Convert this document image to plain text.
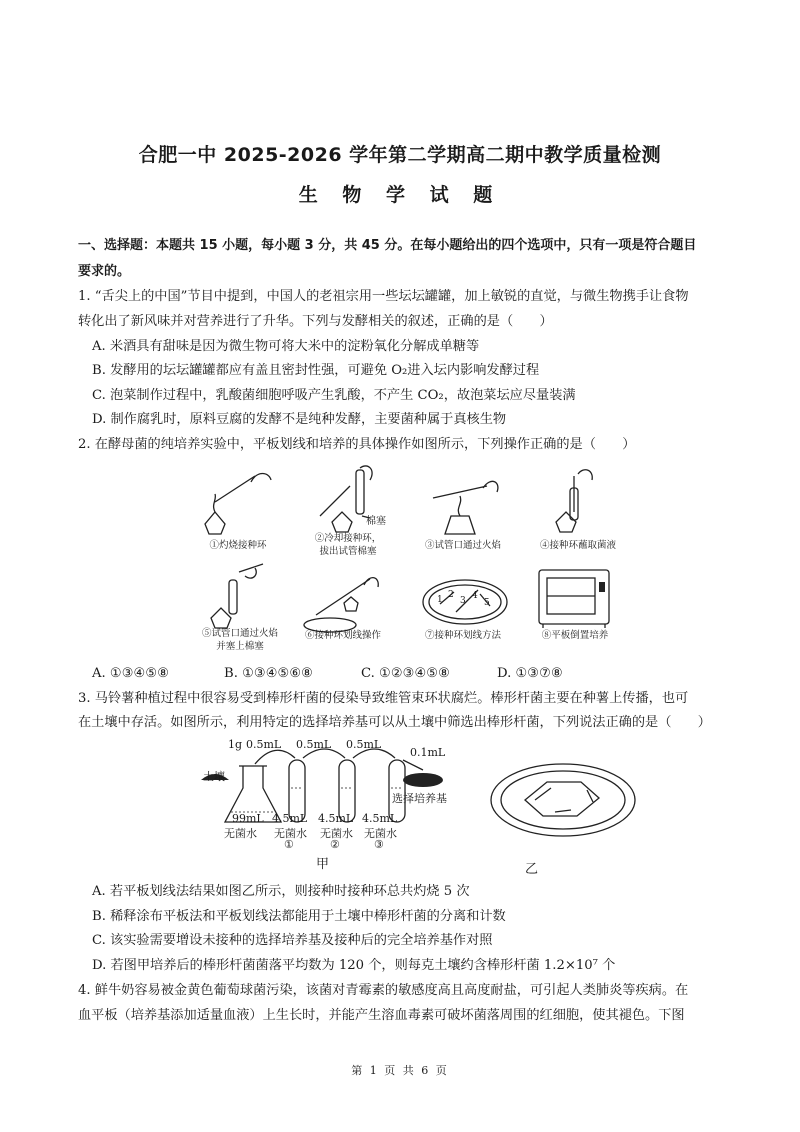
合肥一中 2025-2026 学年第二学期高二期中教学质量检测
生 物 学 试 题
一、选择题：本题共 15 小题，每小题 3 分，共 45 分。在每小题给出的四个选项中，只有一项是符合题目
要求的。
1. “舌尖上的中国”节目中提到，中国人的老祖宗用一些坛坛罐罐，加上敏锐的直觉，与微生物携手让食物
转化出了新风味并对营养进行了升华。下列与发酵相关的叙述，正确的是（　　）
A. 米酒具有甜味是因为微生物可将大米中的淀粉氧化分解成单糖等
B. 发酵用的坛坛罐罐都应有盖且密封性强，可避免 O₂进入坛内影响发酵过程
C. 泡菜制作过程中，乳酸菌细胞呼吸产生乳酸，不产生 CO₂，故泡菜坛应尽量装满
D. 制作腐乳时，原料豆腐的发酵不是纯种发酵，主要菌种属于真核生物
2. 在酵母菌的纯培养实验中，平板划线和培养的具体操作如图所示，下列操作正确的是（　　）
棉塞
①灼烧接种环
②冷却接种环，
拔出试管棉塞
③试管口通过火焰	④接种环蘸取菌液
1 2
3 4
5
⑤试管口通过火焰
并塞上棉塞
⑥接种环划线操作	⑦接种环划线方法	⑧平板倒置培养
A. ①③④⑤⑧	B. ①③④⑤⑥⑧	C. ①②③④⑤⑧	D. ①③⑦⑧
3. 马铃薯种植过程中很容易受到棒形杆菌的侵染导致维管束环状腐烂。棒形杆菌主要在种薯上传播，也可
在土壤中存活。如图所示，利用特定的选择培养基可以从土壤中筛选出棒形杆菌，下列说法正确的是（　　）
1g 0.5mL 0.5mL 0.5mL
0.1mL
土壤
选择培养基
99mL
无菌水
4.5mL
无菌水
①
4.5mL
无菌水
②
4.5mL
无菌水
③
甲	乙
A. 若平板划线法结果如图乙所示，则接种时接种环总共灼烧 5 次
B. 稀释涂布平板法和平板划线法都能用于土壤中棒形杆菌的分离和计数
C. 该实验需要增设未接种的选择培养基及接种后的完全培养基作对照
D. 若图甲培养后的棒形杆菌菌落平均数为 120 个，则每克土壤约含棒形杆菌 1.2×10⁷ 个
4. 鲜牛奶容易被金黄色葡萄球菌污染，该菌对青霉素的敏感度高且高度耐盐，可引起人类肺炎等疾病。在
血平板（培养基添加适量血液）上生长时，并能产生溶血毒素可破坏菌落周围的红细胞，使其褪色。下图
第 1 页 共 6 页
